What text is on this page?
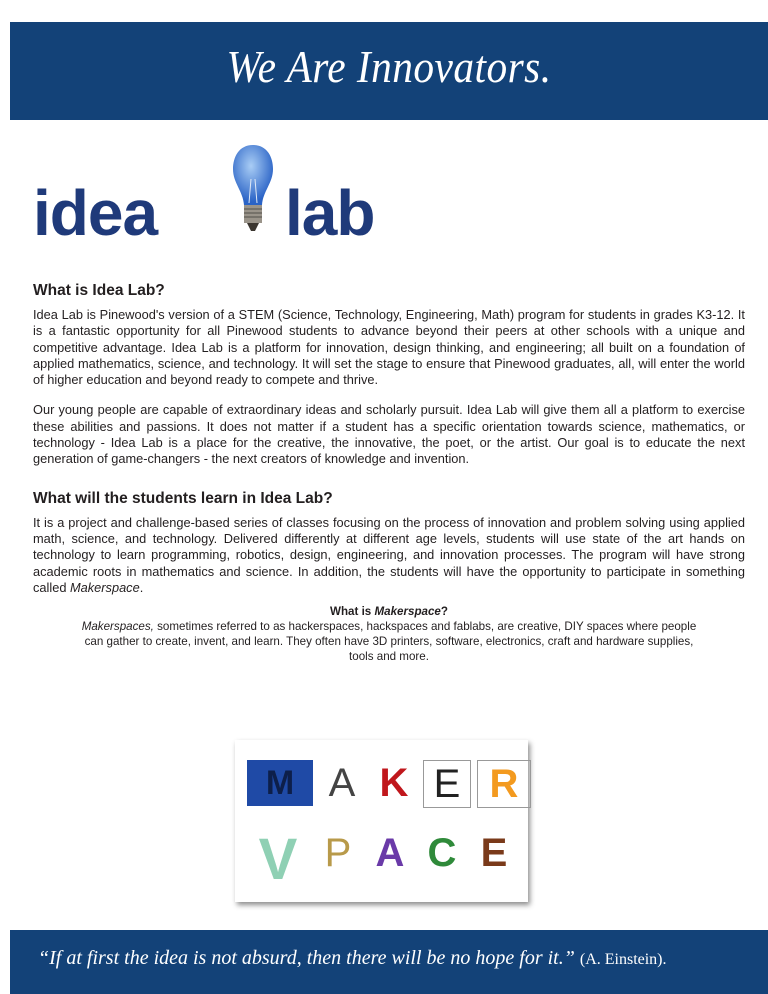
We Are Innovators.
idea lab
What is Idea Lab?

Idea Lab is Pinewood's version of a STEM (Science, Technology, Engineering, Math) program for students in grades K3-12. It is a fantastic opportunity for all Pinewood students to advance beyond their peers at other schools with a unique and competitive advantage. Idea Lab is a platform for innovation, design thinking, and engineering; all built on a foundation of applied mathematics, science, and technology. It will set the stage to ensure that Pinewood graduates, all, will enter the world of higher education and beyond ready to compete and thrive.

Our young people are capable of extraordinary ideas and scholarly pursuit. Idea Lab will give them all a platform to exercise these abilities and passions. It does not matter if a student has a specific orientation towards science, mathematics, or technology - Idea Lab is a place for the creative, the innovative, the poet, or the artist. Our goal is to educate the next generation of game-changers - the next creators of knowledge and invention.

What will the students learn in Idea Lab?

It is a project and challenge-based series of classes focusing on the process of innovation and problem solving using applied math, science, and technology. Delivered differently at different age levels, students will use state of the art hands on technology to learn programming, robotics, design, engineering, and innovation processes. The program will have strong academic roots in mathematics and science. In addition, the students will have the opportunity to participate in something called Makerspace.

What is Makerspace?
Makerspaces, sometimes referred to as hackerspaces, hackspaces and fablabs, are creative, DIY spaces where people can gather to create, invent, and learn. They often have 3D printers, software, electronics, craft and hardware supplies, tools and more.
M A K E R
V P A C E
“If at first the idea is not absurd, then there will be no hope for it.” (A. Einstein).
